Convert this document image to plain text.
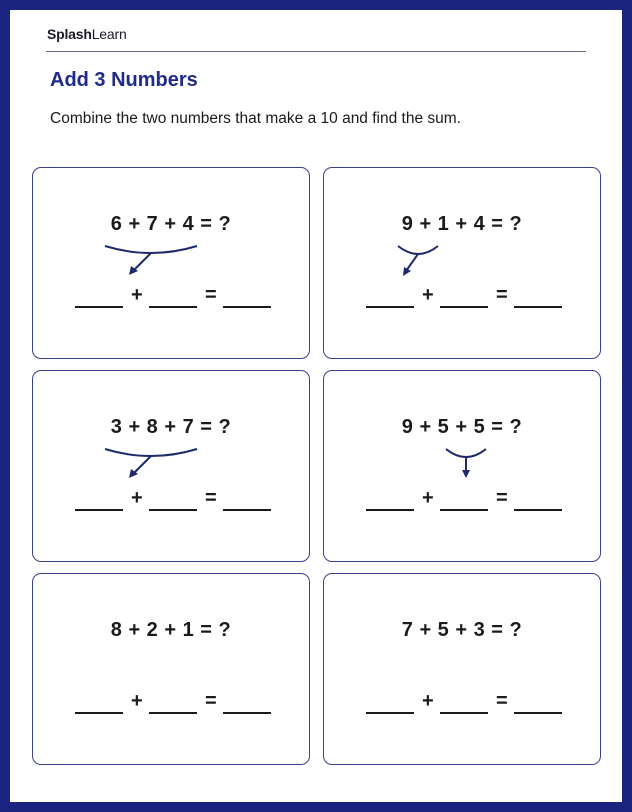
SplashLearn
Add 3 Numbers
Combine the two numbers that make a 10 and find the sum.
6 + 7 + 4 = ?
+	=
9 + 1 + 4 = ?
+	=
3 + 8 + 7 = ?
+	=
9 + 5 + 5 = ?
+	=
8 + 2 + 1 = ?
+	=
7 + 5 + 3 = ?
+	=
